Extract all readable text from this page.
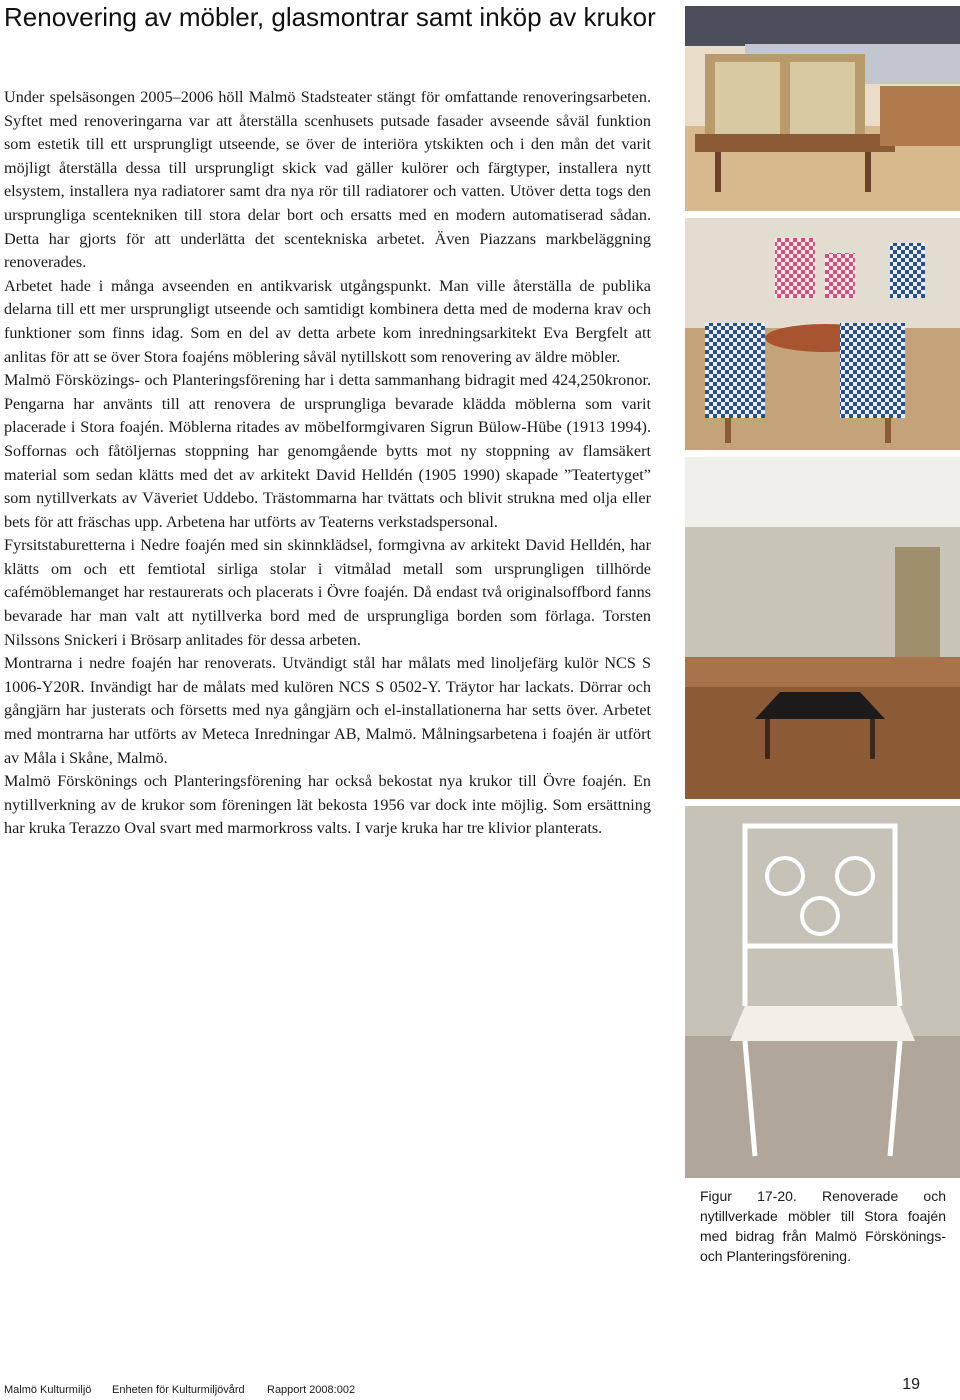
Renovering av möbler, glasmontrar samt inköp av krukor

Under spelsäsongen 2005–2006 höll Malmö Stadsteater stängt för omfattande renoveringsarbeten. Syftet med renoveringarna var att återställa scenhusets putsade fasader avseende såväl funktion som estetik till ett ursprungligt utseende, se över de interiöra ytskikten och i den mån det varit möjligt återställa dessa till ursprungligt skick vad gäller kulörer och färgtyper, installera nytt elsystem, installera nya radiatorer samt dra nya rör till radiatorer och vatten. Utöver detta togs den ursprungliga scentekniken till stora delar bort och ersatts med en modern automatiserad sådan. Detta har gjorts för att underlätta det scentekniska arbetet. Även Piazzans markbeläggning renoverades.

Arbetet hade i många avseenden en antikvarisk utgångspunkt. Man ville återställa de publika delarna till ett mer ursprungligt utseende och samtidigt kombinera detta med de moderna krav och funktioner som finns idag. Som en del av detta arbete kom inredningsarkitekt Eva Bergfelt att anlitas för att se över Stora foajéns möblering såväl nytillskott som renovering av äldre möbler.

Malmö Försközings- och Planteringsförening har i detta sammanhang bidragit med 424,250kronor. Pengarna har använts till att renovera de ursprungliga bevarade klädda möblerna som varit placerade i Stora foajén. Möblerna ritades av möbelformgivaren Sigrun Bülow-Hübe (1913 1994). Soffornas och fåtöljernas stoppning har genomgående bytts mot ny stoppning av flamsäkert material som sedan klätts med det av arkitekt David Helldén (1905 1990) skapade ”Teatertyget” som nytillverkats av Väveriet Uddebo. Trästommarna har tvättats och blivit strukna med olja eller bets för att fräschas upp. Arbetena har utförts av Teaterns verkstadspersonal.

Fyrsitstaburetterna i Nedre foajén med sin skinnklädsel, formgivna av arkitekt David Helldén, har klätts om och ett femtiotal sirliga stolar i vitmålad metall som ursprungligen tillhörde cafémöblemanget har restaurerats och placerats i Övre foajén. Då endast två originalsoffbord fanns bevarade har man valt att nytillverka bord med de ursprungliga borden som förlaga. Torsten Nilssons Snickeri i Brösarp anlitades för dessa arbeten.

Montrarna i nedre foajén har renoverats. Utvändigt stål har målats med linoljefärg kulör NCS S 1006-Y20R. Invändigt har de målats med kulören NCS S 0502-Y. Träytor har lackats. Dörrar och gångjärn har justerats och försetts med nya gångjärn och el-installationerna har setts över. Arbetet med montrarna har utförts av Meteca Inredningar AB, Malmö. Målningsarbetena i foajén är utfört av Måla i Skåne, Malmö.

Malmö Förskönings och Planteringsförening har också bekostat nya krukor till Övre foajén. En nytillverkning av de krukor som föreningen lät bekosta 1956 var dock inte möjlig. Som ersättning har kruka Terazzo Oval svart med marmorkross valts. I varje kruka har tre klivior planterats.

Figur 17-20. Renoverade och nytillverkade möbler till Stora foajén med bidrag från Malmö Förskönings- och Planteringsförening.
Malmö Kulturmiljö Enheten för Kulturmiljövård Rapport 2008:002	19
